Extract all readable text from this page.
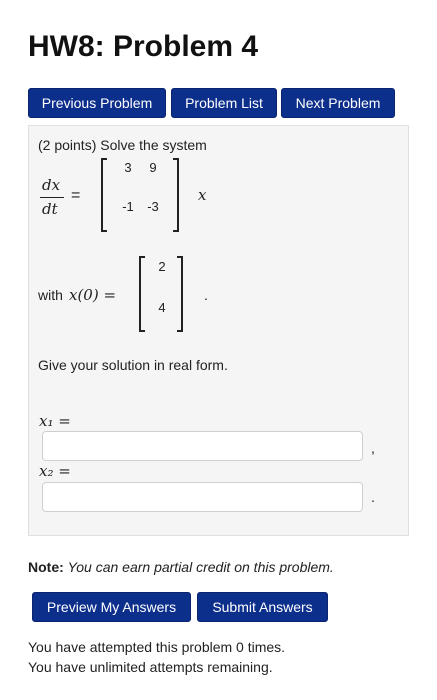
HW8: Problem 4
Previous Problem	Problem List	Next Problem
(2 points) Solve the system
dx
dt
=
3	9
-1	-3
x
with x(0) =
2
4
.
Give your solution in real form.
x₁ =
,
x₂ =
.
Note: You can earn partial credit on this problem.
Preview My Answers	Submit Answers
You have attempted this problem 0 times.
You have unlimited attempts remaining.
